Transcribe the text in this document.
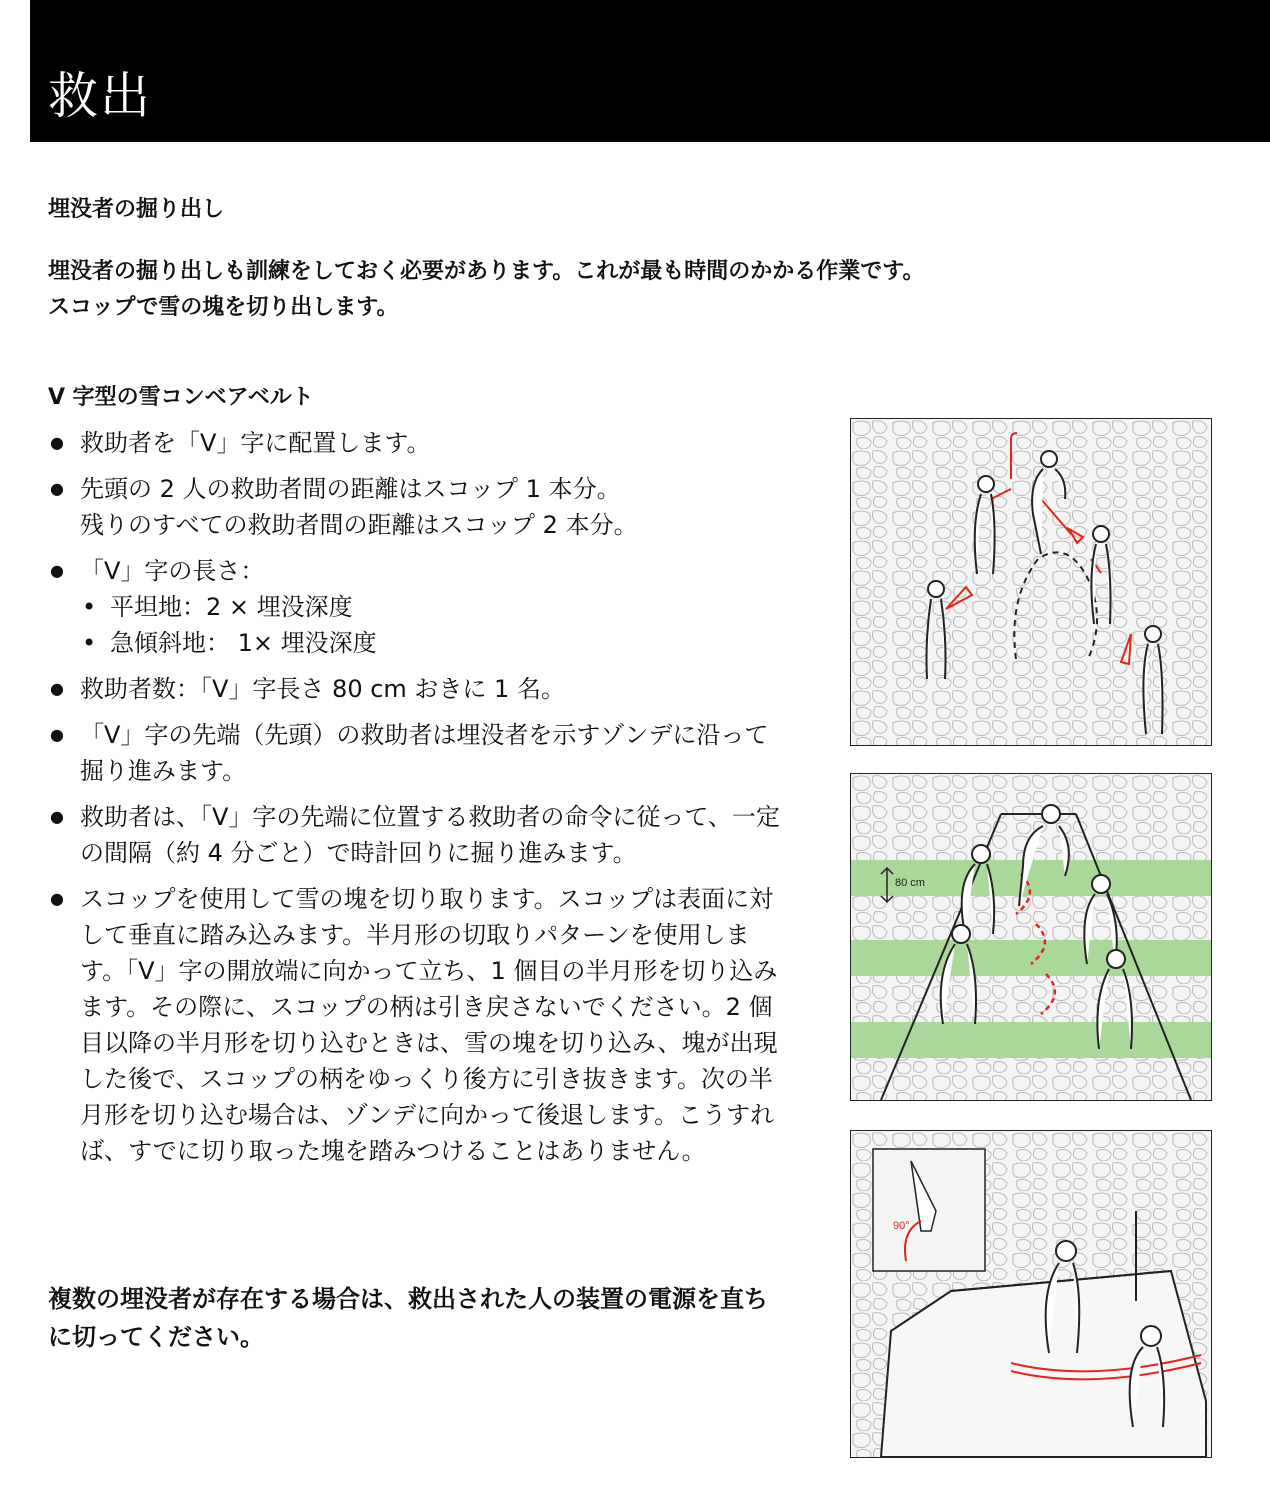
救出
埋没者の掘り出し

埋没者の掘り出しも訓練をしておく必要があります。これが最も時間のかかる作業です。
スコップで雪の塊を切り出します。

V 字型の雪コンベアベルト
● 救助者を「V」字に配置します。
● 先頭の 2 人の救助者間の距離はスコップ 1 本分。
残りのすべての救助者間の距離はスコップ 2 本分。
● 「V」字の長さ：
• 平坦地：2 × 埋没深度
• 急傾斜地： 1× 埋没深度
● 救助者数：「V」字長さ 80 cm おきに 1 名。
● 「V」字の先端（先頭）の救助者は埋没者を示すゾンデに沿って掘り進みます。
● 救助者は、「V」字の先端に位置する救助者の命令に従って、一定の間隔（約 4 分ごと）で時計回りに掘り進みます。
● スコップを使用して雪の塊を切り取ります。スコップは表面に対して垂直に踏み込みます。半月形の切取りパターンを使用します。「V」字の開放端に向かって立ち、1 個目の半月形を切り込みます。その際に、スコップの柄は引き戻さないでください。2 個目以降の半月形を切り込むときは、雪の塊を切り込み、塊が出現した後で、スコップの柄をゆっくり後方に引き抜きます。次の半月形を切り込む場合は、ゾンデに向かって後退します。こうすれば、すでに切り取った塊を踏みつけることはありません。

複数の埋没者が存在する場合は、救出された人の装置の電源を直ちに切ってください。

80 cm
90°
